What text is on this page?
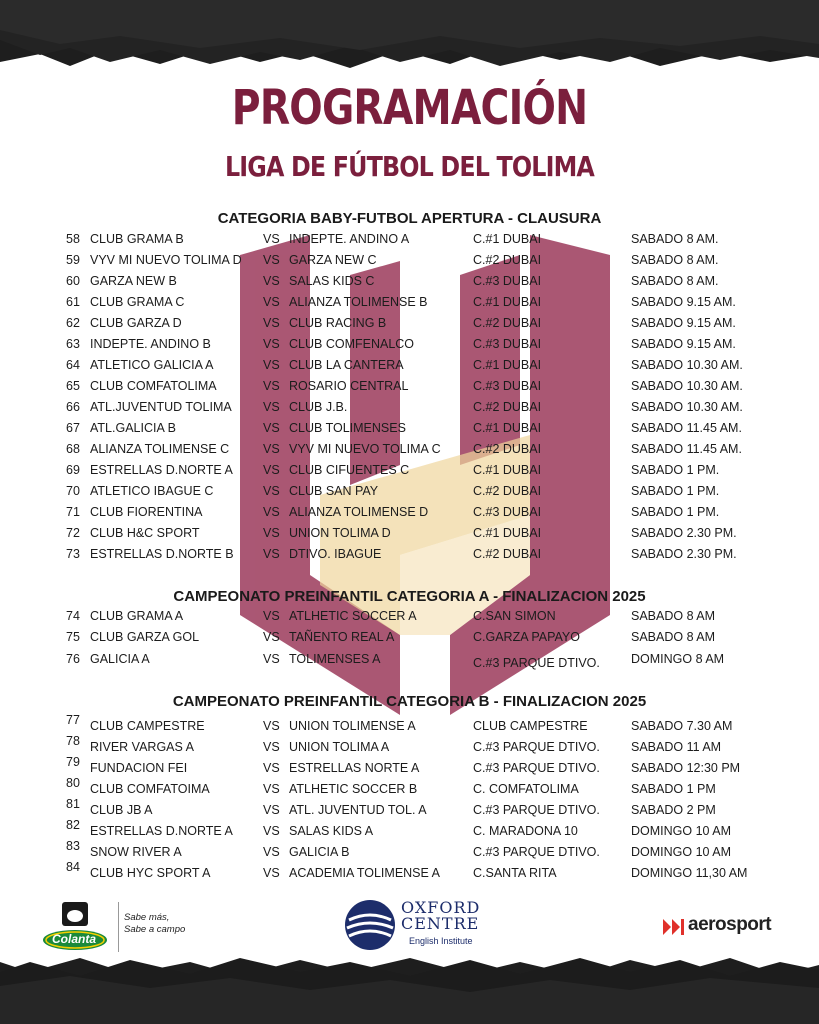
PROGRAMACIÓN
LIGA DE FÚTBOL DEL TOLIMA
CATEGORIA BABY-FUTBOL APERTURA - CLAUSURA
58 CLUB GRAMA B	VS INDEPTE. ANDINO A	C.#1 DUBAI	SABADO 8 AM.
59 VYV MI NUEVO TOLIMA D VS GARZA NEW C	C.#2 DUBAI	SABADO 8 AM.
60 GARZA NEW B	VS SALAS KIDS C	C.#3 DUBAI	SABADO 8 AM.
61 CLUB GRAMA C	VS ALIANZA TOLIMENSE B	C.#1 DUBAI	SABADO 9.15 AM.
62 CLUB GARZA D	VS CLUB RACING B	C.#2 DUBAI	SABADO 9.15 AM.
63 INDEPTE. ANDINO B	VS CLUB COMFENALCO	C.#3 DUBAI	SABADO 9.15 AM.
64 ATLETICO GALICIA A	VS CLUB LA CANTERA	C.#1 DUBAI	SABADO 10.30 AM.
65 CLUB COMFATOLIMA	VS ROSARIO CENTRAL	C.#3 DUBAI	SABADO 10.30 AM.
66 ATL.JUVENTUD TOLIMA	VS CLUB J.B.	C.#2 DUBAI	SABADO 10.30 AM.
67 ATL.GALICIA B	VS CLUB TOLIMENSES	C.#1 DUBAI	SABADO 11.45 AM.
68 ALIANZA TOLIMENSE C	VS VYV MI NUEVO TOLIMA C	C.#2 DUBAI	SABADO 11.45 AM.
69 ESTRELLAS D.NORTE A VS CLUB CIFUENTES C	C.#1 DUBAI	SABADO 1 PM.
70 ATLETICO IBAGUE C	VS CLUB SAN PAY	C.#2 DUBAI	SABADO 1 PM.
71 CLUB FIORENTINA	VS ALIANZA TOLIMENSE D	C.#3 DUBAI	SABADO 1 PM.
72 CLUB H&C SPORT	VS UNION TOLIMA D	C.#1 DUBAI	SABADO 2.30 PM.
73 ESTRELLAS D.NORTE B VS DTIVO. IBAGUE	C.#2 DUBAI	SABADO 2.30 PM.
CAMPEONATO PREINFANTIL CATEGORIA A - FINALIZACION 2025
74 CLUB GRAMA A	VS ATLHETIC SOCCER A	C.SAN SIMON	SABADO 8 AM
75 CLUB GARZA GOL	VS TAÑENTO REAL A	C.GARZA PAPAYO	SABADO 8 AM
76 GALICIA A	VS TOLIMENSES A	C.#3 PARQUE DTIVO. DOMINGO 8 AM
CAMPEONATO PREINFANTIL CATEGORIA B - FINALIZACION 2025
77 CLUB CAMPESTRE	VS UNION TOLIMENSE A	CLUB CAMPESTRE	SABADO 7.30 AM
78 RIVER VARGAS A	VS UNION TOLIMA A	C.#3 PARQUE DTIVO. SABADO 11 AM
79 FUNDACION FEI	VS ESTRELLAS NORTE A	C.#3 PARQUE DTIVO. SABADO 12:30 PM
80 CLUB COMFATOIMA	VS ATLHETIC SOCCER B	C. COMFATOLIMA	SABADO 1 PM
81 CLUB JB A	VS ATL. JUVENTUD TOL. A	C.#3 PARQUE DTIVO. SABADO 2 PM
82 ESTRELLAS D.NORTE A VS SALAS KIDS A	C. MARADONA 10	DOMINGO 10 AM
83 SNOW RIVER A	VS GALICIA B	C.#3 PARQUE DTIVO. DOMINGO 10 AM
84 CLUB HYC SPORT A	VS ACADEMIA TOLIMENSE A	C.SANTA RITA	DOMINGO 11,30 AM
Colanta
Sabe más,
Sabe a campo
OXFORD
CENTRE
English Institute
aerosport
